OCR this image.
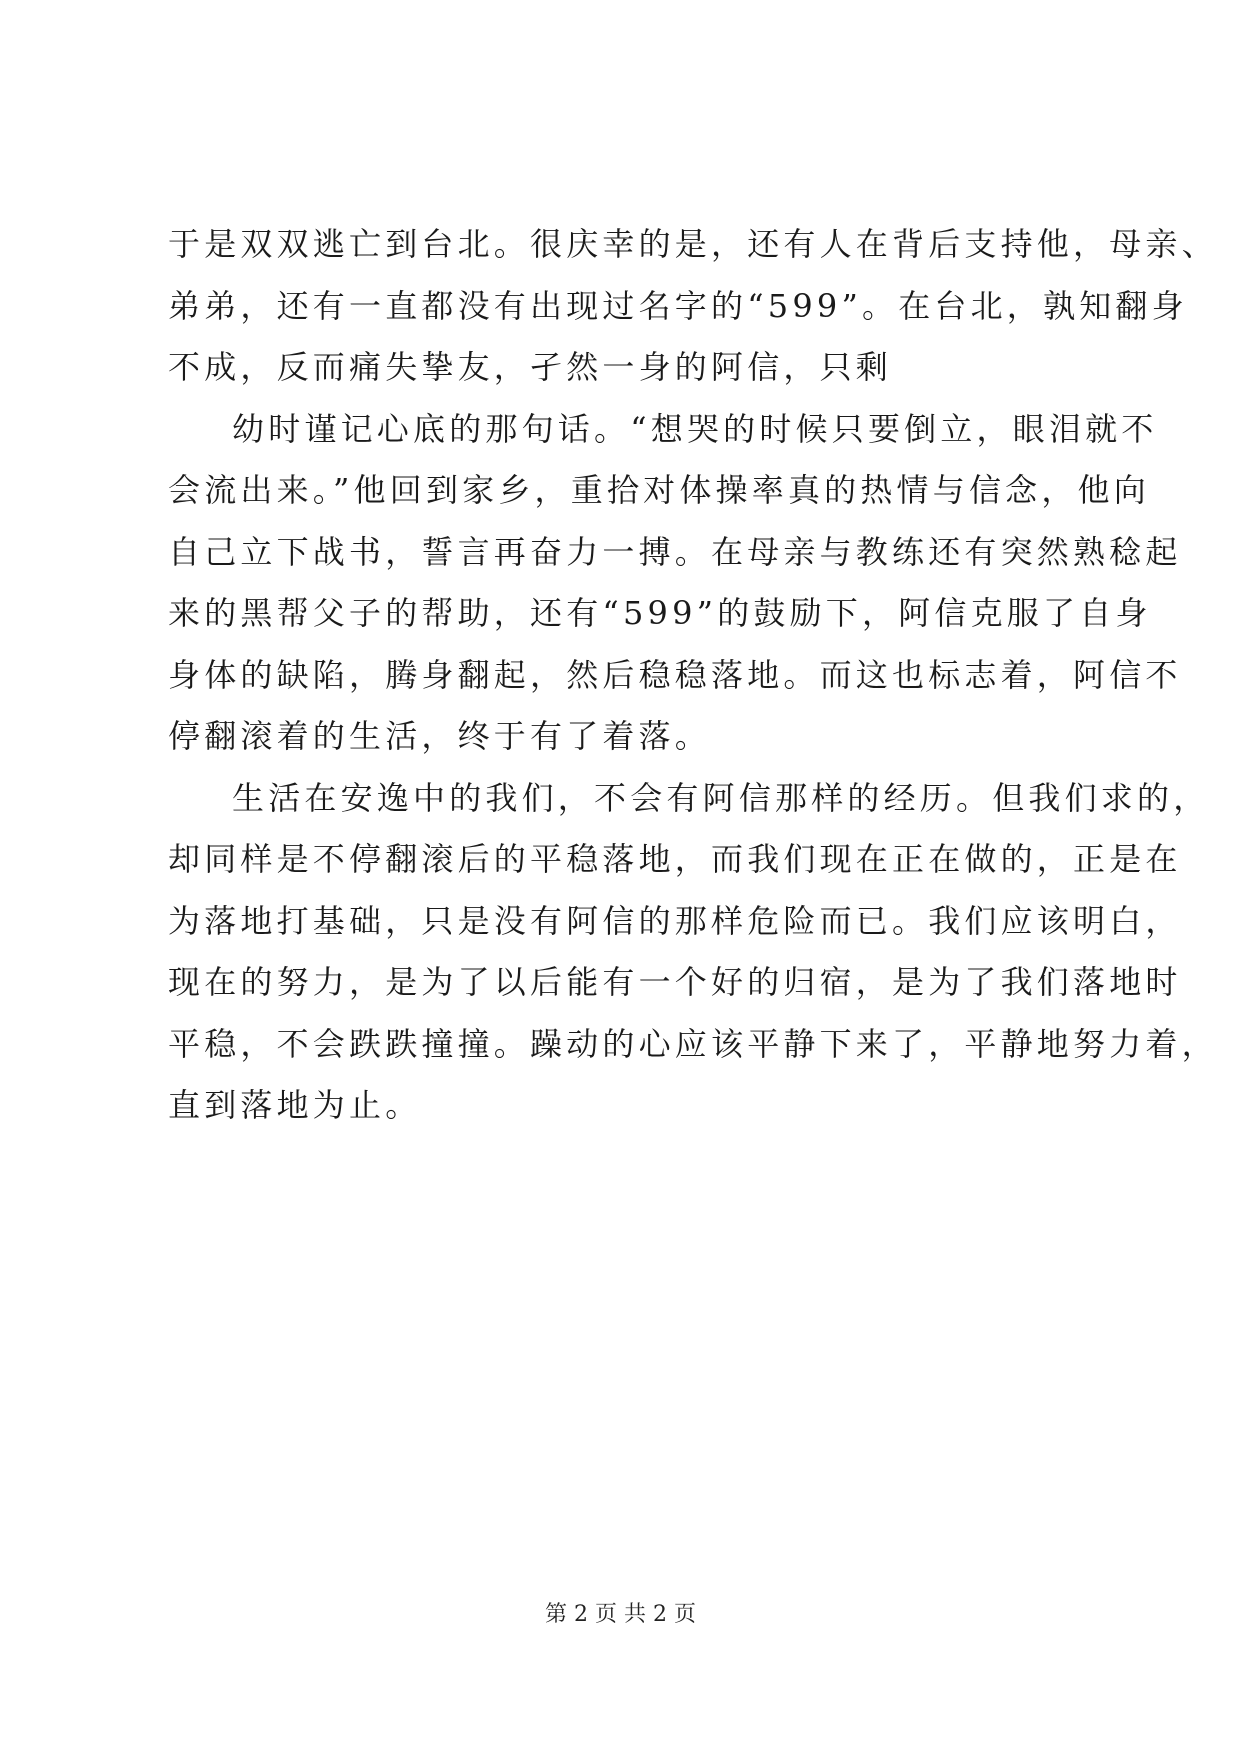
于是双双逃亡到台北。很庆幸的是，还有人在背后支持他，母亲、
弟弟，还有一直都没有出现过名字的“599”。在台北，孰知翻身
不成，反而痛失挚友，孑然一身的阿信，只剩
幼时谨记心底的那句话。“想哭的时候只要倒立，眼泪就不
会流出来。”他回到家乡，重拾对体操率真的热情与信念，他向
自己立下战书，誓言再奋力一搏。在母亲与教练还有突然熟稔起
来的黑帮父子的帮助，还有“599”的鼓励下，阿信克服了自身
身体的缺陷，腾身翻起，然后稳稳落地。而这也标志着，阿信不
停翻滚着的生活，终于有了着落。
生活在安逸中的我们，不会有阿信那样的经历。但我们求的，
却同样是不停翻滚后的平稳落地，而我们现在正在做的，正是在
为落地打基础，只是没有阿信的那样危险而已。我们应该明白，
现在的努力，是为了以后能有一个好的归宿，是为了我们落地时
平稳，不会跌跌撞撞。躁动的心应该平静下来了，平静地努力着，
直到落地为止。
第 2 页 共 2 页
